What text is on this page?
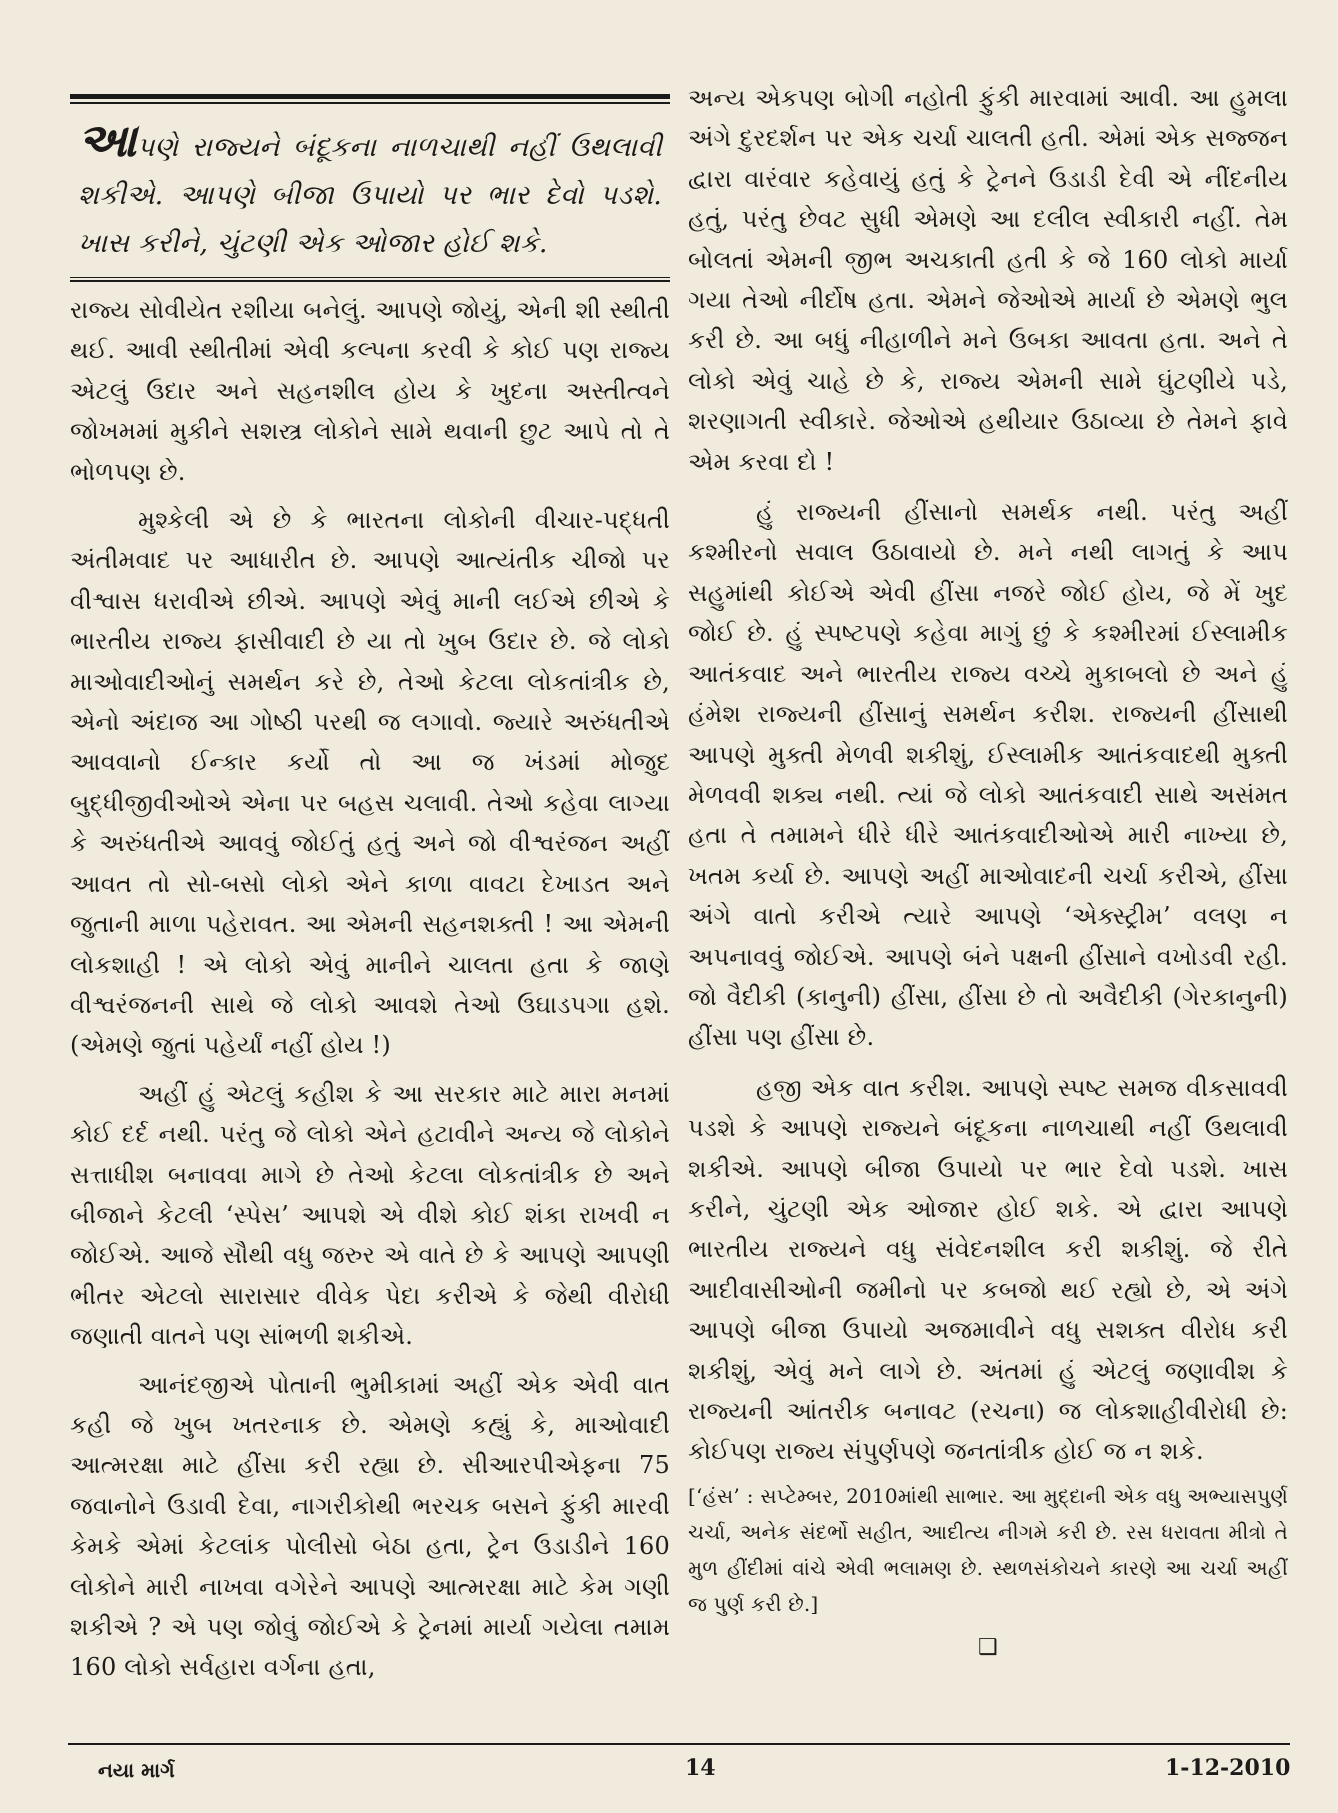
આપણે રાજ્યને બંદૂકના નાળચાથી નહીં ઉથલાવી શકીએ. આપણે બીજા ઉપાયો પર ભાર દેવો પડશે. ખાસ કરીને, ચુંટણી એક ઓજાર હોઈ શકે.

રાજ્ય સોવીયેત રશીયા બનેલું. આપણે જોયું, એની શી સ્થીતી થઈ. આવી સ્થીતીમાં એવી કલ્પના કરવી કે કોઈ પણ રાજ્ય એટલું ઉદાર અને સહનશીલ હોય કે ખુદના અસ્તીત્વને જોખમમાં મુકીને સશસ્ત્ર લોકોને સામે થવાની છુટ આપે તો તે ભોળપણ છે.

મુશ્કેલી એ છે કે ભારતના લોકોની વીચાર-પદ્ધતી અંતીમવાદ પર આધારીત છે. આપણે આત્યંતીક ચીજો પર વીશ્વાસ ધરાવીએ છીએ. આપણે એવું માની લઈએ છીએ કે ભારતીય રાજ્ય ફાસીવાદી છે યા તો ખુબ ઉદાર છે. જે લોકો માઓવાદીઓનું સમર્થન કરે છે, તેઓ કેટલા લોકતાંત્રીક છે, એનો અંદાજ આ ગોષ્ઠી પરથી જ લગાવો. જ્યારે અરુંધતીએ આવવાનો ઈન્કાર કર્યો તો આ જ ખંડમાં મોજુદ બુદ્ધીજીવીઓએ એના પર બહસ ચલાવી. તેઓ કહેવા લાગ્યા કે અરુંધતીએ આવવું જોઈતું હતું અને જો વીશ્વરંજન અહીં આવત તો સો-બસો લોકો એને કાળા વાવટા દેખાડત અને જુતાની માળા પહેરાવત. આ એમની સહનશક્તી ! આ એમની લોકશાહી ! એ લોકો એવું માનીને ચાલતા હતા કે જાણે વીશ્વરંજનની સાથે જે લોકો આવશે તેઓ ઉઘાડપગા હશે. (એમણે જુતાં પહેર્યાં નહીં હોય !)

અહીં હું એટલું કહીશ કે આ સરકાર માટે મારા મનમાં કોઈ દર્દ નથી. પરંતુ જે લોકો એને હટાવીને અન્ય જે લોકોને સત્તાધીશ બનાવવા માગે છે તેઓ કેટલા લોકતાંત્રીક છે અને બીજાને કેટલી ‘સ્પેસ’ આપશે એ વીશે કોઈ શંકા રાખવી ન જોઈએ. આજે સૌથી વધુ જરુર એ વાતે છે કે આપણે આપણી ભીતર એટલો સારાસાર વીવેક પેદા કરીએ કે જેથી વીરોધી જણાતી વાતને પણ સાંભળી શકીએ.

આનંદજીએ પોતાની ભુમીકામાં અહીં એક એવી વાત કહી જે ખુબ ખતરનાક છે. એમણે કહ્યું કે, માઓવાદી આત્મરક્ષા માટે હીંસા કરી રહ્યા છે. સીઆરપીએફના 75 જવાનોને ઉડાવી દેવા, નાગરીકોથી ભરચક બસને ફુંકી મારવી કેમકે એમાં કેટલાંક પોલીસો બેઠા હતા, ટ્રેન ઉડાડીને 160 લોકોને મારી નાખવા વગેરેને આપણે આત્મરક્ષા માટે કેમ ગણી શકીએ ? એ પણ જોવું જોઈએ કે ટ્રેનમાં માર્યા ગયેલા તમામ 160 લોકો સર્વહારા વર્ગના હતા,

અન્ય એકપણ બોગી નહોતી ફુંકી મારવામાં આવી. આ હુમલા અંગે દુરદર્શન પર એક ચર્ચા ચાલતી હતી. એમાં એક સજ્જન દ્વારા વારંવાર કહેવાયું હતું કે ટ્રેનને ઉડાડી દેવી એ નીંદનીય હતું, પરંતુ છેવટ સુધી એમણે આ દલીલ સ્વીકારી નહીં. તેમ બોલતાં એમની જીભ અચકાતી હતી કે જે 160 લોકો માર્યા ગયા તેઓ નીર્દોષ હતા. એમને જેઓએ માર્યા છે એમણે ભુલ કરી છે. આ બધું નીહાળીને મને ઉબકા આવતા હતા. અને તે લોકો એવું ચાહે છે કે, રાજ્ય એમની સામે ઘુંટણીયે પડે, શરણાગતી સ્વીકારે. જેઓએ હથીયાર ઉઠાવ્યા છે તેમને ફાવે એમ કરવા દો !

હું રાજ્યની હીંસાનો સમર્થક નથી. પરંતુ અહીં કશ્મીરનો સવાલ ઉઠાવાયો છે. મને નથી લાગતું કે આપ સહુમાંથી કોઈએ એવી હીંસા નજરે જોઈ હોય, જે મેં ખુદ જોઈ છે. હું સ્પષ્ટપણે કહેવા માગું છું કે કશ્મીરમાં ઈસ્લામીક આતંકવાદ અને ભારતીય રાજ્ય વચ્ચે મુકાબલો છે અને હું હંમેશ રાજ્યની હીંસાનું સમર્થન કરીશ. રાજ્યની હીંસાથી આપણે મુક્તી મેળવી શકીશું, ઈસ્લામીક આતંકવાદથી મુક્તી મેળવવી શક્ય નથી. ત્યાં જે લોકો આતંકવાદી સાથે અસંમત હતા તે તમામને ધીરે ધીરે આતંકવાદીઓએ મારી નાખ્યા છે, ખતમ કર્યા છે. આપણે અહીં માઓવાદની ચર્ચા કરીએ, હીંસા અંગે વાતો કરીએ ત્યારે આપણે ‘એક્સ્ટ્રીમ’ વલણ ન અપનાવવું જોઈએ. આપણે બંને પક્ષની હીંસાને વખોડવી રહી. જો વૈદીકી (કાનુની) હીંસા, હીંસા છે તો અવૈદીકી (ગેરકાનુની) હીંસા પણ હીંસા છે.

હજી એક વાત કરીશ. આપણે સ્પષ્ટ સમજ વીકસાવવી પડશે કે આપણે રાજ્યને બંદૂકના નાળચાથી નહીં ઉથલાવી શકીએ. આપણે બીજા ઉપાયો પર ભાર દેવો પડશે. ખાસ કરીને, ચુંટણી એક ઓજાર હોઈ શકે. એ દ્વારા આપણે ભારતીય રાજ્યને વધુ સંવેદનશીલ કરી શકીશું. જે રીતે આદીવાસીઓની જમીનો પર કબજો થઈ રહ્યો છે, એ અંગે આપણે બીજા ઉપાયો અજમાવીને વધુ સશક્ત વીરોધ કરી શકીશું, એવું મને લાગે છે. અંતમાં હું એટલું જણાવીશ કે રાજ્યની આંતરીક બનાવટ (રચના) જ લોકશાહીવીરોધી છે: કોઈપણ રાજ્ય સંપુર્ણપણે જનતાંત્રીક હોઈ જ ન શકે.

[‘હંસ’ : સપ્ટેમ્બર, 2010માંથી સાભાર. આ મુદ્દાની એક વધુ અભ્યાસપુર્ણ ચર્ચા, અનેક સંદર્ભો સહીત, આદીત્ય નીગમે કરી છે. રસ ધરાવતા મીત્રો તે મુળ હીંદીમાં વાંચે એવી ભલામણ છે. સ્થળસંકોચને કારણે આ ચર્ચા અહીં જ પુર્ણ કરી છે.]
❑
નયા માર્ગ	14	1-12-2010
